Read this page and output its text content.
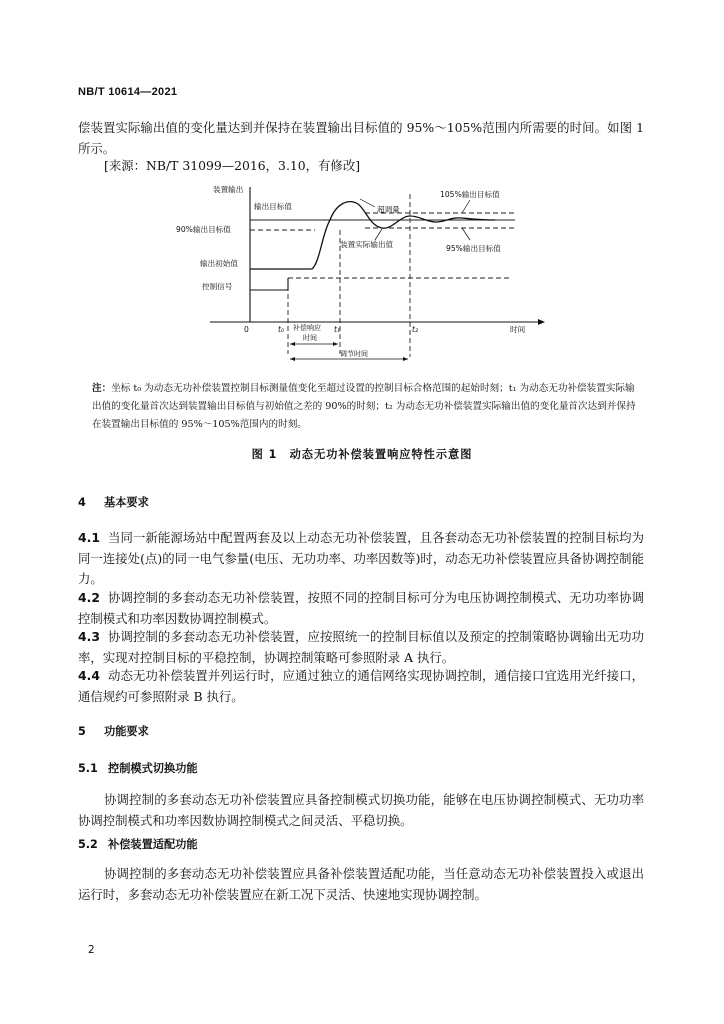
NB/T 10614—2021
偿装置实际输出值的变化量达到并保持在装置输出目标值的 95%～105%范围内所需要的时间。如图 1所示。
[来源：NB/T 31099—2016，3.10，有修改]
装置输出
输出目标值	超调量
105%输出目标值
90%输出目标值
装置实际输出值	95%输出目标值
输出初始值
控制信号
0	t₀	t₁	t₂	时间
补偿响应
时间
调节时间
注：坐标 t₀ 为动态无功补偿装置控制目标测量值变化至超过设置的控制目标合格范围的起始时刻；t₁ 为动态无功补偿装置实际输出值的变化量首次达到装置输出目标值与初始值之差的 90%的时刻；t₂ 为动态无功补偿装置实际输出值的变化量首次达到并保持在装置输出目标值的 95%～105%范围内的时刻。
图 1　动态无功补偿装置响应特性示意图
4 基本要求
4.1 当同一新能源场站中配置两套及以上动态无功补偿装置，且各套动态无功补偿装置的控制目标均为同一连接处(点)的同一电气参量(电压、无功功率、功率因数等)时，动态无功补偿装置应具备协调控制能力。
4.2 协调控制的多套动态无功补偿装置，按照不同的控制目标可分为电压协调控制模式、无功功率协调控制模式和功率因数协调控制模式。
4.3 协调控制的多套动态无功补偿装置，应按照统一的控制目标值以及预定的控制策略协调输出无功功率，实现对控制目标的平稳控制，协调控制策略可参照附录 A 执行。
4.4 动态无功补偿装置并列运行时，应通过独立的通信网络实现协调控制，通信接口宜选用光纤接口，通信规约可参照附录 B 执行。
5 功能要求
5.1 控制模式切换功能
协调控制的多套动态无功补偿装置应具备控制模式切换功能，能够在电压协调控制模式、无功功率协调控制模式和功率因数协调控制模式之间灵活、平稳切换。
5.2 补偿装置适配功能
协调控制的多套动态无功补偿装置应具备补偿装置适配功能，当任意动态无功补偿装置投入或退出运行时，多套动态无功补偿装置应在新工况下灵活、快速地实现协调控制。
2
